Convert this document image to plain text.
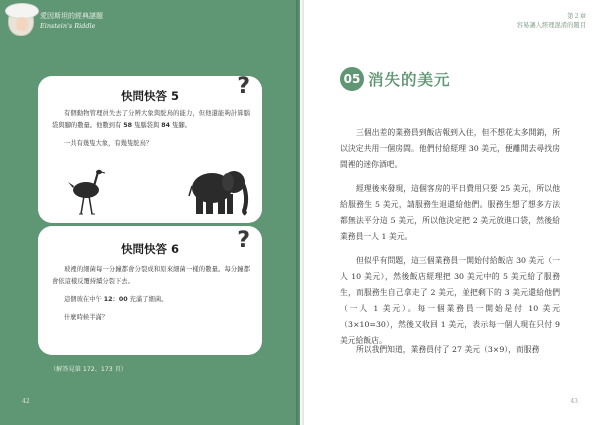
愛因斯坦的經典謎題
Einstein's Riddle
快問快答 5	?
有個動物管理員失去了分辨大象與鴕鳥的能力，但他還能夠計算腦袋與腳的數量。他數到有 58 隻腦袋與 84 隻腳。
一共有幾隻大象，有幾隻鴕鳥？
快問快答 6	?
玻裡的細菌每一分鐘都會分裂成和原來細菌一樣的數量。每分鐘都會依這樣反覆持續分裂下去。
這個玻在中午 12：00 充滿了細菌。
什麼時候半滿？
（解答見第 172、173 頁）
42
第２章
容易讓人經理混淆的題目
05 消失的美元

三個出差的業務員到飯店報到入住，但不想花太多開銷，所以決定共用一個房間。他們付給經理 30 美元，便離開去尋找房間裡的迷你酒吧。

經理後來發現，這個客房的平日費用只要 25 美元，所以他給服務生 5 美元，請服務生退還給他們。服務生想了想多方法都無法平分這 5 美元，所以他決定把 2 美元放進口袋，然後給業務員一人 1 美元。

但似乎有問題，這三個業務員一開始付給飯店 30 美元（一人 10 美元），然後飯店經理把 30 美元中的 5 美元給了服務生，而服務生自己拿走了 2 美元，並把剩下的 3 美元還給他們（一人 1 美元）。每一個業務員一開始是付 10 美元（3×10=30），然後又收回 1 美元，表示每一個人現在只付 9 美元給飯店。

所以我們知道，業務員付了 27 美元（3×9），而服務

43
